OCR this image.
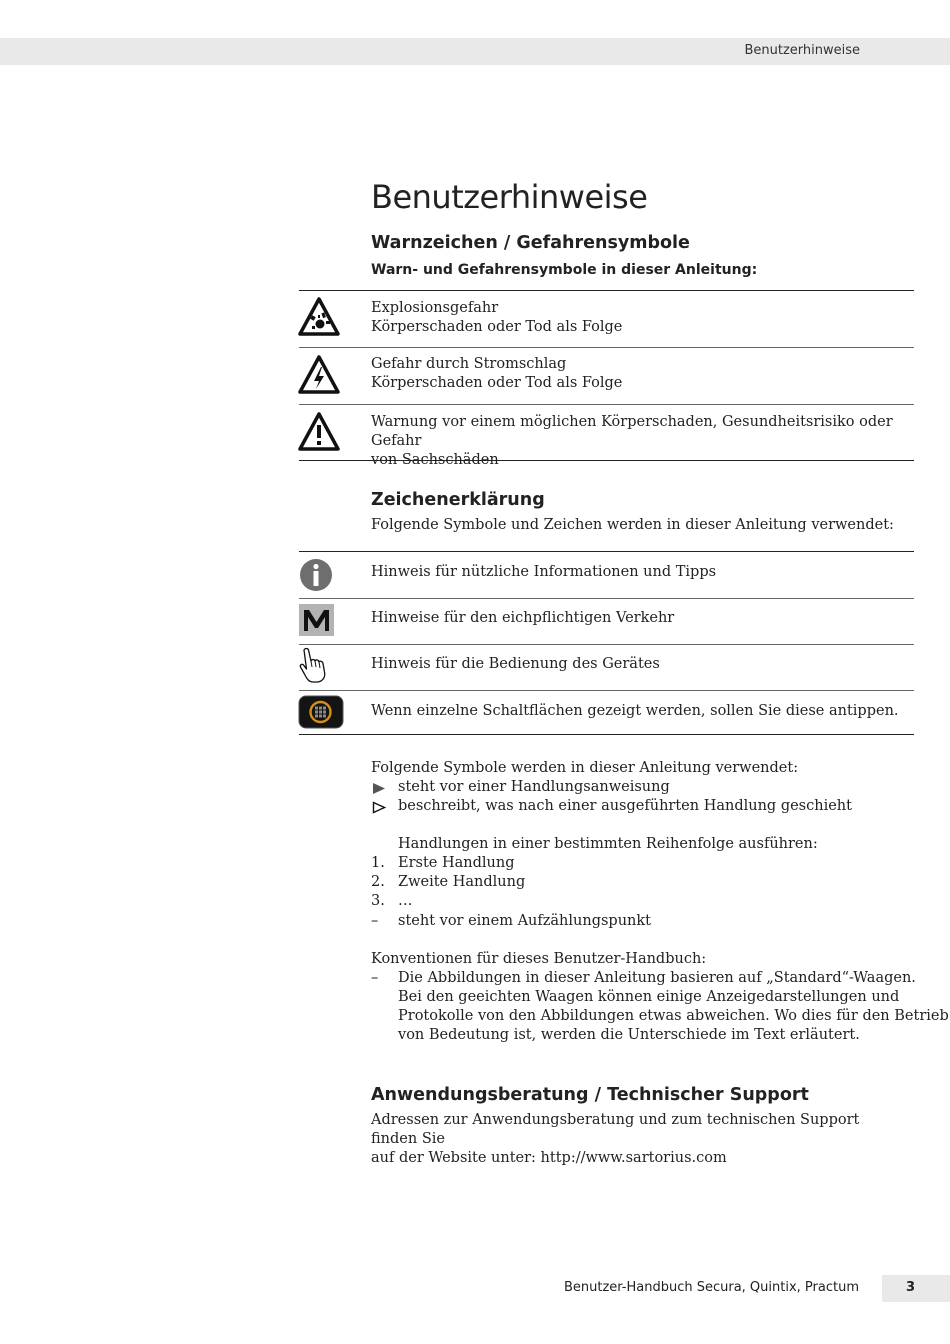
Benutzerhinweise
Benutzerhinweise
Warnzeichen / Gefahrensymbole
Warn- und Gefahrensymbole in dieser Anleitung:
Explosionsgefahr
Körperschaden oder Tod als Folge
Gefahr durch Stromschlag
Körperschaden oder Tod als Folge
Warnung vor einem möglichen Körperschaden, Gesundheitsrisiko oder Gefahr
von Sachschäden
Zeichenerklärung
Folgende Symbole und Zeichen werden in dieser Anleitung verwendet:
Hinweis für nützliche Informationen und Tipps
Hinweise für den eichpflichtigen Verkehr
Hinweis für die Bedienung des Gerätes
Wenn einzelne Schaltflächen gezeigt werden, sollen Sie diese antippen.
Folgende Symbole werden in dieser Anleitung verwendet:
steht vor einer Handlungsanweisung
beschreibt, was nach einer ausgeführten Handlung geschieht
Handlungen in einer bestimmten Reihenfolge ausführen:
1. Erste Handlung
2. Zweite Handlung
3. …
– steht vor einem Aufzählungspunkt
Konventionen für dieses Benutzer-Handbuch:
– Die Abbildungen in dieser Anleitung basieren auf „Standard“-Waagen.
Bei den geeichten Waagen können einige Anzeigedarstellungen und
Protokolle von den Abbildungen etwas abweichen. Wo dies für den Betrieb
von Bedeutung ist, werden die Unterschiede im Text erläutert.
Anwendungsberatung / Technischer Support
Adressen zur Anwendungsberatung und zum technischen Support finden Sie
auf der Website unter: http://www.sartorius.com
Benutzer-Handbuch Secura, Quintix, Practum	3
